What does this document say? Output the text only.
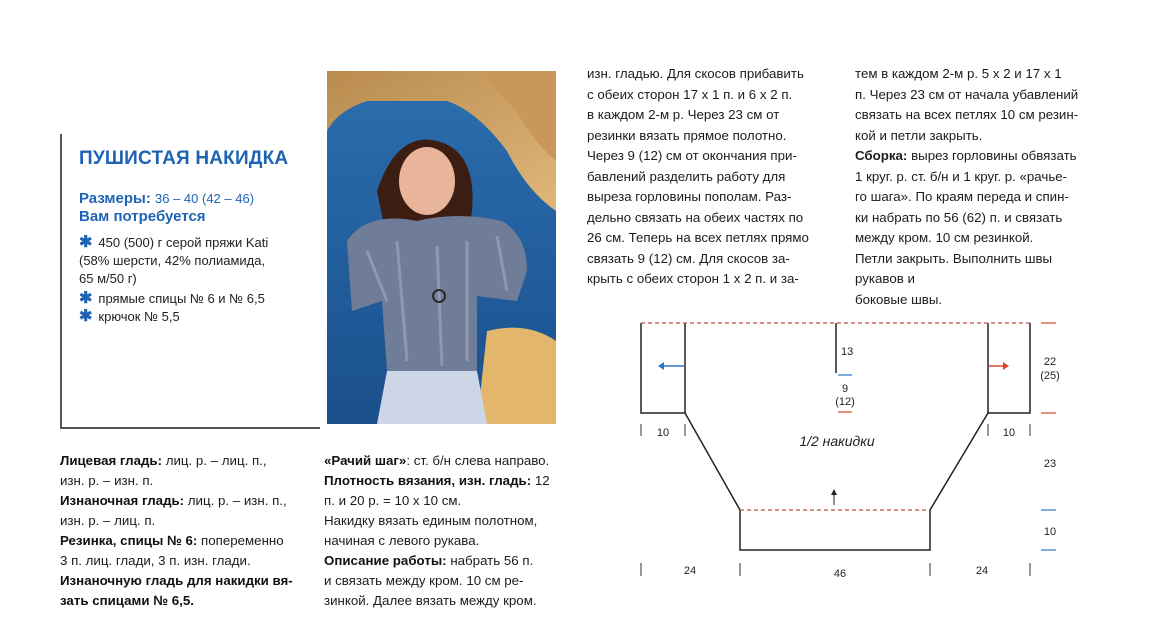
ПУШИСТАЯ НАКИДКА
Размеры: 36 – 40 (42 – 46)
Вам потребуется
✱ 450 (500) г серой пряжи Kati
(58% шерсти, 42% полиамида,
65 м/50 г)
✱ прямые спицы № 6 и № 6,5
✱ крючок № 5,5
Лицевая гладь: лиц. р. – лиц. п.,
изн. р. – изн. п.
Изнаночная гладь: лиц. р. – изн. п.,
изн. р. – лиц. п.
Резинка, спицы № 6: попеременно
3 п. лиц. глади, 3 п. изн. глади.
Изнаночную гладь для накидки вя-
зать спицами № 6,5.
«Рачий шаг»: ст. б/н слева направо.
Плотность вязания, изн. гладь: 12
п. и 20 р. = 10 х 10 см.
Накидку вязать единым полотном,
начиная с левого рукава.
Описание работы: набрать 56 п.
и связать между кром. 10 см ре-
зинкой. Далее вязать между кром.
изн. гладью. Для скосов прибавить
с обеих сторон 17 х 1 п. и 6 х 2 п.
в каждом 2-м р. Через 23 см от
резинки вязать прямое полотно.
Через 9 (12) см от окончания при-
бавлений разделить работу для
выреза горловины пополам. Раз-
дельно связать на обеих частях по
26 см. Теперь на всех петлях прямо
связать 9 (12) см. Для скосов за-
крыть с обеих сторон 1 х 2 п. и за-
тем в каждом 2-м р. 5 х 2 и 17 х 1
п. Через 23 см от начала убавлений
связать на всех петлях 10 см резин-
кой и петли закрыть.
Сборка: вырез горловины обвязать
1 круг. р. ст. б/н и 1 круг. р. «рачье-
го шага». По краям переда и спин-
ки набрать по 56 (62) п. и связать
между кром. 10 см резинкой.
Петли закрыть. Выполнить швы рукавов и
боковые швы.
1/2 накидки
13
9
(12)
10	10
22
(25)
23
10
24	46	24
